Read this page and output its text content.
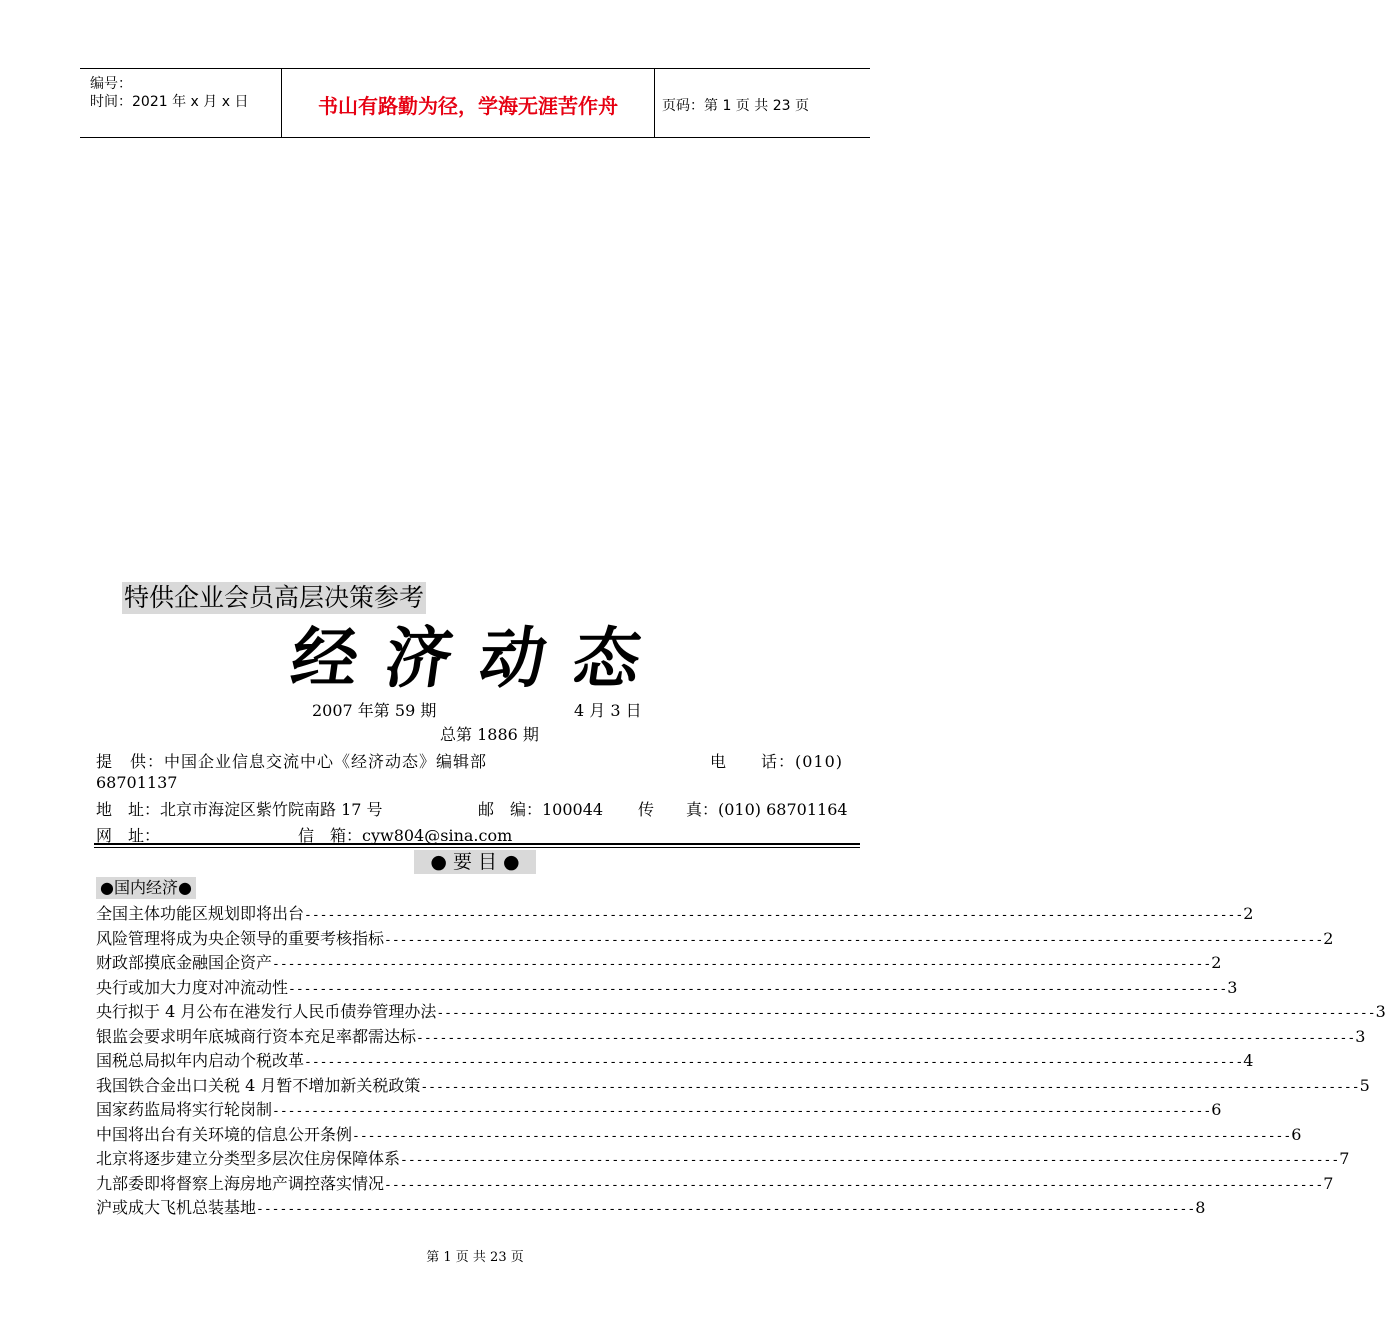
编号：
时间：2021 年 x 月 x 日	书山有路勤为径，学海无涯苦作舟	页码：第 1 页 共 23 页
特供企业会员高层决策参考
经济动态
2007 年第 59 期	4 月 3 日
总第 1886 期
提　供：中国企业信息交流中心《经济动态》编辑部	电　　话：(010)
68701137
地　址：北京市海淀区紫竹院南路 17 号	邮　编：100044 传　　真：(010) 68701164
网　址：	信　箱：cyw804@sina.com
● 要 目 ●
●国内经济●
全国主体功能区规划即将出台 ------------------------------------------------------------------------------------------------------------------------ 2
风险管理将成为央企领导的重要考核指标 ------------------------------------------------------------------------------------------------------------------------ 2
财政部摸底金融国企资产 ------------------------------------------------------------------------------------------------------------------------ 2
央行或加大力度对冲流动性 ------------------------------------------------------------------------------------------------------------------------ 3
央行拟于 4 月公布在港发行人民币债券管理办法 ------------------------------------------------------------------------------------------------------------------------ 3
银监会要求明年底城商行资本充足率都需达标 ------------------------------------------------------------------------------------------------------------------------ 3
国税总局拟年内启动个税改革 ------------------------------------------------------------------------------------------------------------------------ 4
我国铁合金出口关税 4 月暂不增加新关税政策 ------------------------------------------------------------------------------------------------------------------------ 5
国家药监局将实行轮岗制 ------------------------------------------------------------------------------------------------------------------------ 6
中国将出台有关环境的信息公开条例 ------------------------------------------------------------------------------------------------------------------------ 6
北京将逐步建立分类型多层次住房保障体系 ------------------------------------------------------------------------------------------------------------------------ 7
九部委即将督察上海房地产调控落实情况 ------------------------------------------------------------------------------------------------------------------------ 7
沪或成大飞机总装基地 ------------------------------------------------------------------------------------------------------------------------ 8
第 1 页 共 23 页
